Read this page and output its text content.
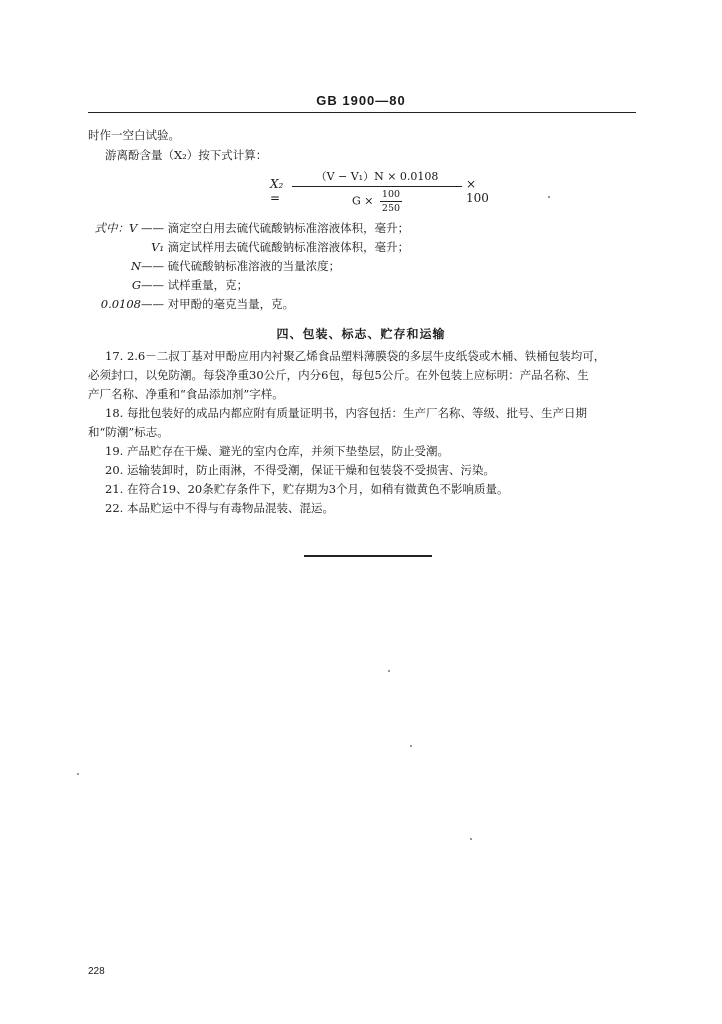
GB 1900—80
时作一空白试验。
游离酚含量（X₂）按下式计算：
X₂ =
（V − V₁）N × 0.0108
$G \times \frac{100}{250}$
× 100
式中：V —— 滴定空白用去硫代硫酸钠标准溶液体积，毫升；
V₁ 滴定试样用去硫代硫酸钠标准溶液体积，毫升；
N—— 硫代硫酸钠标准溶液的当量浓度；
G—— 试样重量，克；
0.0108—— 对甲酚的毫克当量，克。
四、包装、标志、贮存和运输
17. 2.6－二叔丁基对甲酚应用内衬聚乙烯食品塑料薄膜袋的多层牛皮纸袋或木桶、铁桶包装均可，
必须封口，以免防潮。每袋净重30公斤，内分6包，每包5公斤。在外包装上应标明：产品名称、生
产厂名称、净重和“食品添加剂”字样。
18. 每批包装好的成品内都应附有质量证明书，内容包括：生产厂名称、等级、批号、生产日期
和“防潮”标志。
19. 产品贮存在干燥、避光的室内仓库，并须下垫垫层，防止受潮。
20. 运输装卸时，防止雨淋，不得受潮，保证干燥和包装袋不受损害、污染。
21. 在符合19、20条贮存条件下，贮存期为3个月，如稍有微黄色不影响质量。
22. 本品贮运中不得与有毒物品混装、混运。
228
